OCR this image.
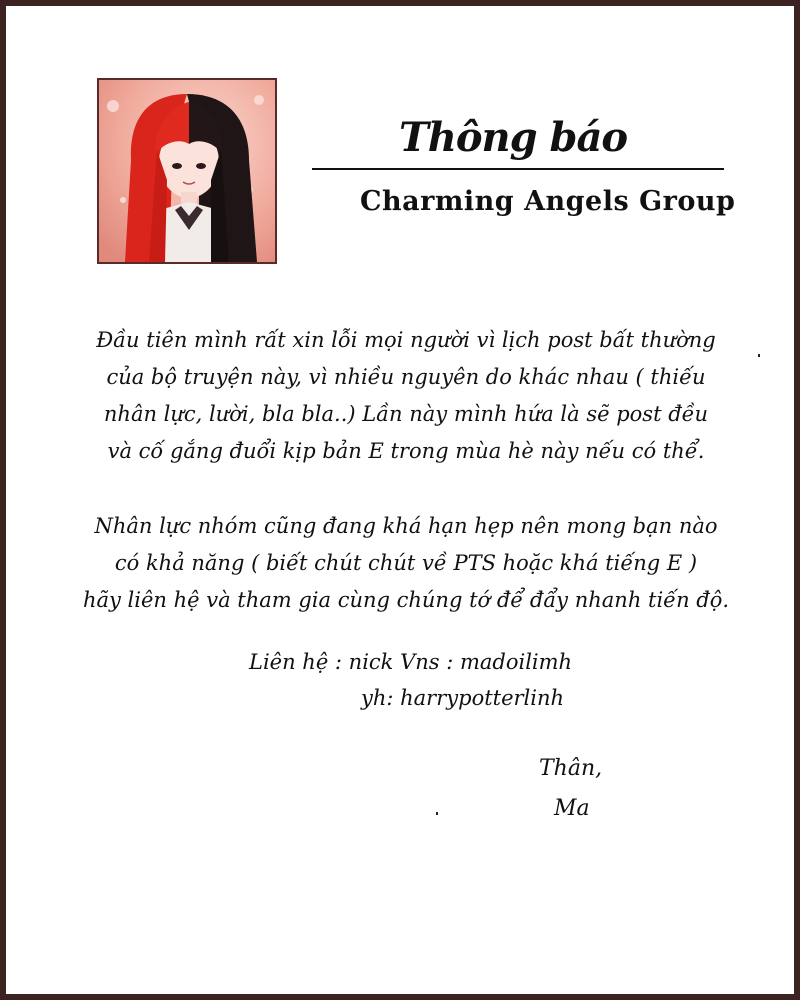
Thông báo
Charming Angels Group
Đầu tiên mình rất xin lỗi mọi người vì lịch post bất thường
của bộ truyện này, vì nhiều nguyên do khác nhau ( thiếu
nhân lực, lười, bla bla..) Lần này mình hứa là sẽ post đều
và cố gắng đuổi kịp bản E trong mùa hè này nếu có thể.
Nhân lực nhóm cũng đang khá hạn hẹp nên mong bạn nào
có khả năng ( biết chút chút về PTS hoặc khá tiếng E )
hãy liên hệ và tham gia cùng chúng tớ để đẩy nhanh tiến độ.
Liên hệ : nick Vns : madoilimh
yh: harrypotterlinh
Thân,
Ma
